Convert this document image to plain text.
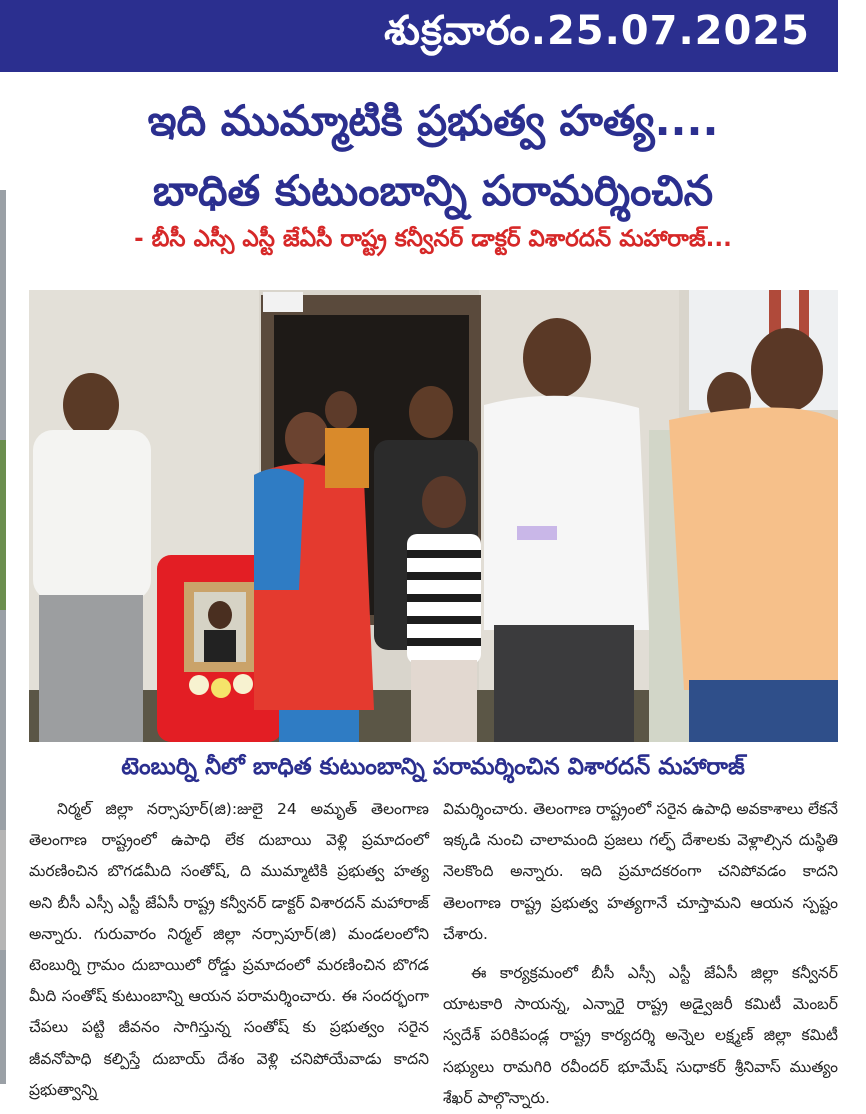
శుక్రవారం.25.07.2025
ఇది ముమ్మాటికి ప్రభుత్వ హత్య....
బాధిత కుటుంబాన్ని పరామర్శించిన
- బీసీ ఎస్సీ ఎస్టీ జేఏసీ రాష్ట్ర కన్వీనర్ డాక్టర్ విశారదన్ మహారాజ్...
టెంబుర్ని నీలో బాధిత కుటుంబాన్ని పరామర్శించిన విశారదన్ మహారాజ్

నిర్మల్ జిల్లా నర్సాపూర్(జి):జులై 24 అమృత్ తెలంగాణ తెలంగాణ రాష్ట్రంలో ఉపాధి లేక దుబాయి వెళ్లి ప్రమాదంలో మరణించిన బొగడమీది సంతోష్, ది ముమ్మాటికి ప్రభుత్వ హత్య అని బీసీ ఎస్సీ ఎస్టీ జేఏసీ రాష్ట్ర కన్వీనర్ డాక్టర్ విశారదన్ మహారాజ్ అన్నారు. గురువారం నిర్మల్ జిల్లా నర్సాపూర్(జి) మండలంలోని టెంబుర్ని గ్రామం దుబాయిలో రోడ్డు ప్రమాదంలో మరణించిన బొగడ మీది సంతోష్ కుటుంబాన్ని ఆయన పరామర్శించారు. ఈ సందర్భంగా చేపలు పట్టి జీవనం సాగిస్తున్న సంతోష్ కు ప్రభుత్వం సరైన జీవనోపాధి కల్పిస్తే దుబాయ్ దేశం వెళ్లి చనిపోయేవాడు కాదని ప్రభుత్వాన్ని

విమర్శించారు. తెలంగాణ రాష్ట్రంలో సరైన ఉపాధి అవకాశాలు లేకనే ఇక్కడి నుంచి చాలామంది ప్రజలు గల్ఫ్ దేశాలకు వెళ్లాల్సిన దుస్థితి నెలకొంది అన్నారు. ఇది ప్రమాదకరంగా చనిపోవడం కాదని తెలంగాణ రాష్ట్ర ప్రభుత్వ హత్యగానే చూస్తామని ఆయన స్పష్టం చేశారు.

ఈ కార్యక్రమంలో బీసీ ఎస్సీ ఎస్టీ జేఏసీ జిల్లా కన్వీనర్ యాటకారి సాయన్న, ఎన్నారై రాష్ట్ర అడ్వైజరీ కమిటీ మెంబర్ స్వదేశ్ పరికిపండ్ల రాష్ట్ర కార్యదర్శి అన్నెల లక్ష్మణ్ జిల్లా కమిటీ సభ్యులు రామగిరి రవీందర్ భూమేష్ సుధాకర్ శ్రీనివాస్ ముత్యం శేఖర్ పాల్గొన్నారు.
